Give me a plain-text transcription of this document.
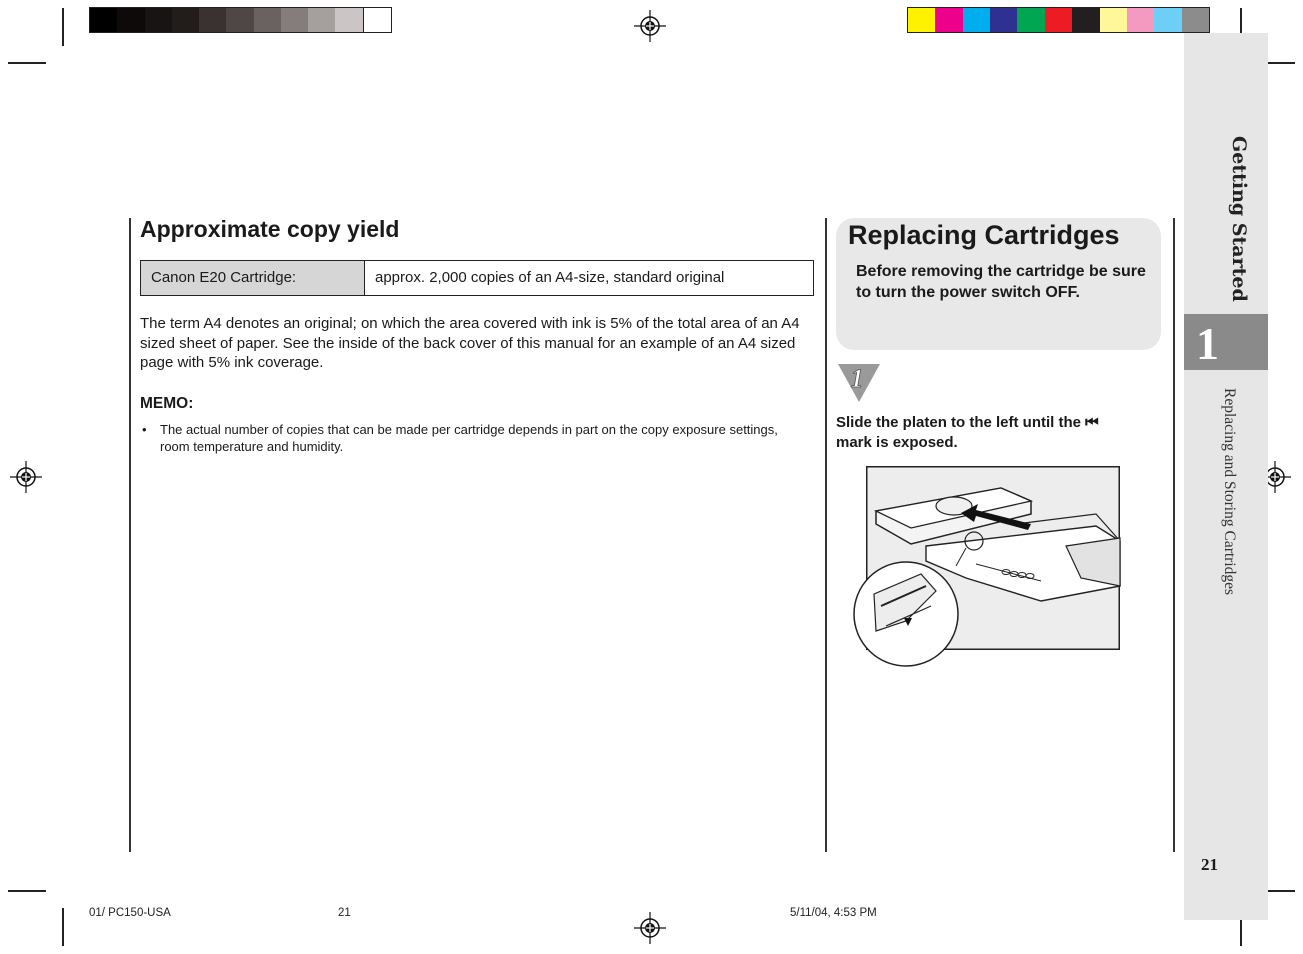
Getting Started
1
Replacing and Storing Cartridges
21
Approximate copy yield
Canon E20 Cartridge:	approx. 2,000 copies of an A4-size, standard original

The term A4 denotes an original; on which the area covered with ink is 5% of the total area of an A4 sized sheet of paper. See the inside of the back cover of this manual for an example of an A4 sized page with 5% ink coverage.

MEMO:
• The actual number of copies that can be made per cartridge depends in part on the copy exposure settings, room temperature and humidity.
Replacing Cartridges

Before removing the cartridge be sure to turn the power switch OFF.

1

Slide the platen to the left until the ⏮ mark is exposed.

01/ PC150-USA	21	5/11/04, 4:53 PM
